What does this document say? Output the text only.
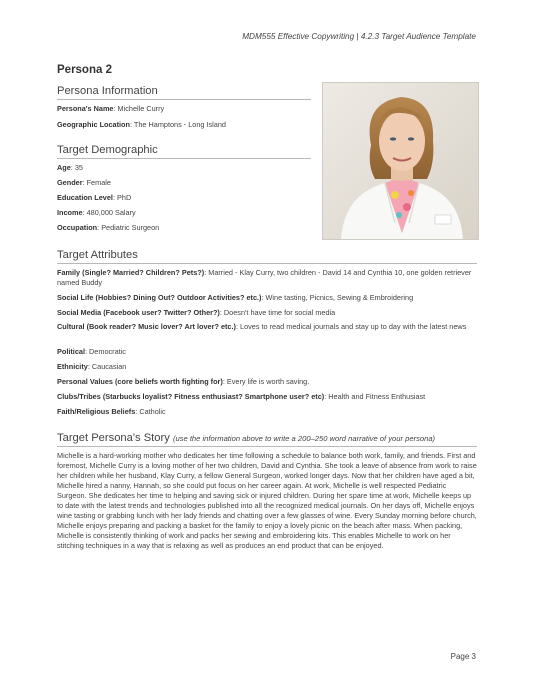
MDM555 Effective Copywriting | 4.2.3 Target Audience Template
Persona 2
Persona Information
Persona's Name: Michelle Curry
Geographic Location: The Hamptons - Long Island
Target Demographic
Age: 35
Gender: Female
Education Level: PhD
Income: 480,000 Salary
Occupation: Pediatric Surgeon
Target Attributes
Family (Single? Married? Children? Pets?): Married - Klay Curry, two children - David 14 and Cynthia 10, one golden retriever named Buddy
Social Life (Hobbies? Dining Out? Outdoor Activities? etc.): Wine tasting, Picnics, Sewing & Embroidering
Social Media (Facebook user? Twitter? Other?): Doesn't have time for social media
Cultural (Book reader? Music lover? Art lover? etc.): Loves to read medical journals and stay up to day with the latest news
Political: Democratic
Ethnicity: Caucasian
Personal Values (core beliefs worth fighting for): Every life is worth saving.
Clubs/Tribes (Starbucks loyalist? Fitness enthusiast? Smartphone user? etc): Health and Fitness Enthusiast
Faith/Religious Beliefs: Catholic
Target Persona's Story (use the information above to write a 200–250 word narrative of your persona)
Michelle is a hard-working mother who dedicates her time following a schedule to balance both work, family, and friends. First and foremost, Michelle Curry is a loving mother of her two children, David and Cynthia. She took a leave of absence from work to raise her children while her husband, Klay Curry, a fellow General Surgeon, worked longer days. Now that her children have aged a bit, Michelle hired a nanny, Hannah, so she could put focus on her career again. At work, Michelle is well respected Pediatric Surgeon. She dedicates her time to helping and saving sick or injured children. During her spare time at work, Michelle keeps up to date with the latest trends and technologies published into all the recognized medical journals. On her days off, Michelle enjoys wine tasting or grabbing lunch with her lady friends and chatting over a few glasses of wine. Every Sunday morning before church, Michelle enjoys preparing and packing a basket for the family to enjoy a lovely picnic on the beach after mass. When packing, Michelle is consistently thinking of work and packs her sewing and embroidering kits. This enables Michelle to work on her stitching techniques in a way that is relaxing as well as produces an end product that can be enjoyed.
Page 3
